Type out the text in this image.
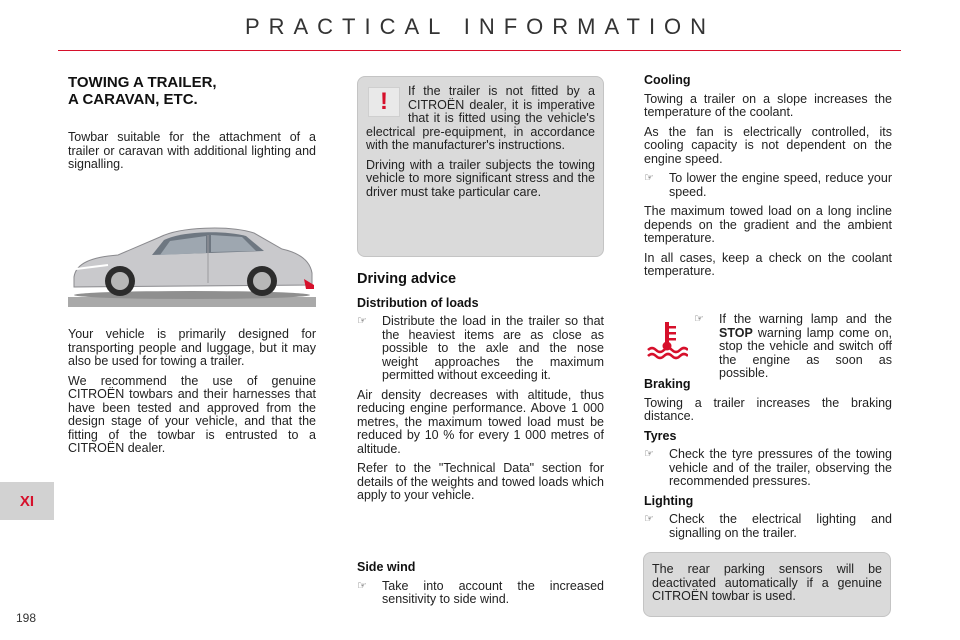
PRACTICAL INFORMATION
XI
198
TOWING A TRAILER,
A CARAVAN, ETC.

Towbar suitable for the attachment of a trailer or caravan with additional lighting and signalling.

Your vehicle is primarily designed for transporting people and luggage, but it may also be used for towing a trailer.

We recommend the use of genuine CITROËN towbars and their harnesses that have been tested and approved from the design stage of your vehicle, and that the fitting of the towbar is entrusted to a CITROËN dealer.

!	If the trailer is not fitted by a CITROËN dealer, it is imperative that it is fitted using the vehicle's electrical pre-equipment, in accordance with the manufacturer's instructions.

Driving with a trailer subjects the towing vehicle to more significant stress and the driver must take particular care.

Driving advice
Distribution of loads
☞ Distribute the load in the trailer so that the heaviest items are as close as possible to the axle and the nose weight approaches the maximum permitted without exceeding it.

Air density decreases with altitude, thus reducing engine performance. Above 1 000 metres, the maximum towed load must be reduced by 10 % for every 1 000 metres of altitude.

Refer to the "Technical Data" section for details of the weights and towed loads which apply to your vehicle.

Side wind
☞ Take into account the increased sensitivity to side wind.
Cooling

Towing a trailer on a slope increases the temperature of the coolant.

As the fan is electrically controlled, its cooling capacity is not dependent on the engine speed.

☞ To lower the engine speed, reduce your speed.

The maximum towed load on a long incline depends on the gradient and the ambient temperature.

In all cases, keep a check on the coolant temperature.

☞ If the warning lamp and the STOP warning lamp come on, stop the vehicle and switch off the engine as soon as possible.
Braking

Towing a trailer increases the braking distance.

Tyres
☞ Check the tyre pressures of the towing vehicle and of the trailer, observing the recommended pressures.
Lighting
☞ Check the electrical lighting and signalling on the trailer.

The rear parking sensors will be deactivated automatically if a genuine CITROËN towbar is used.
